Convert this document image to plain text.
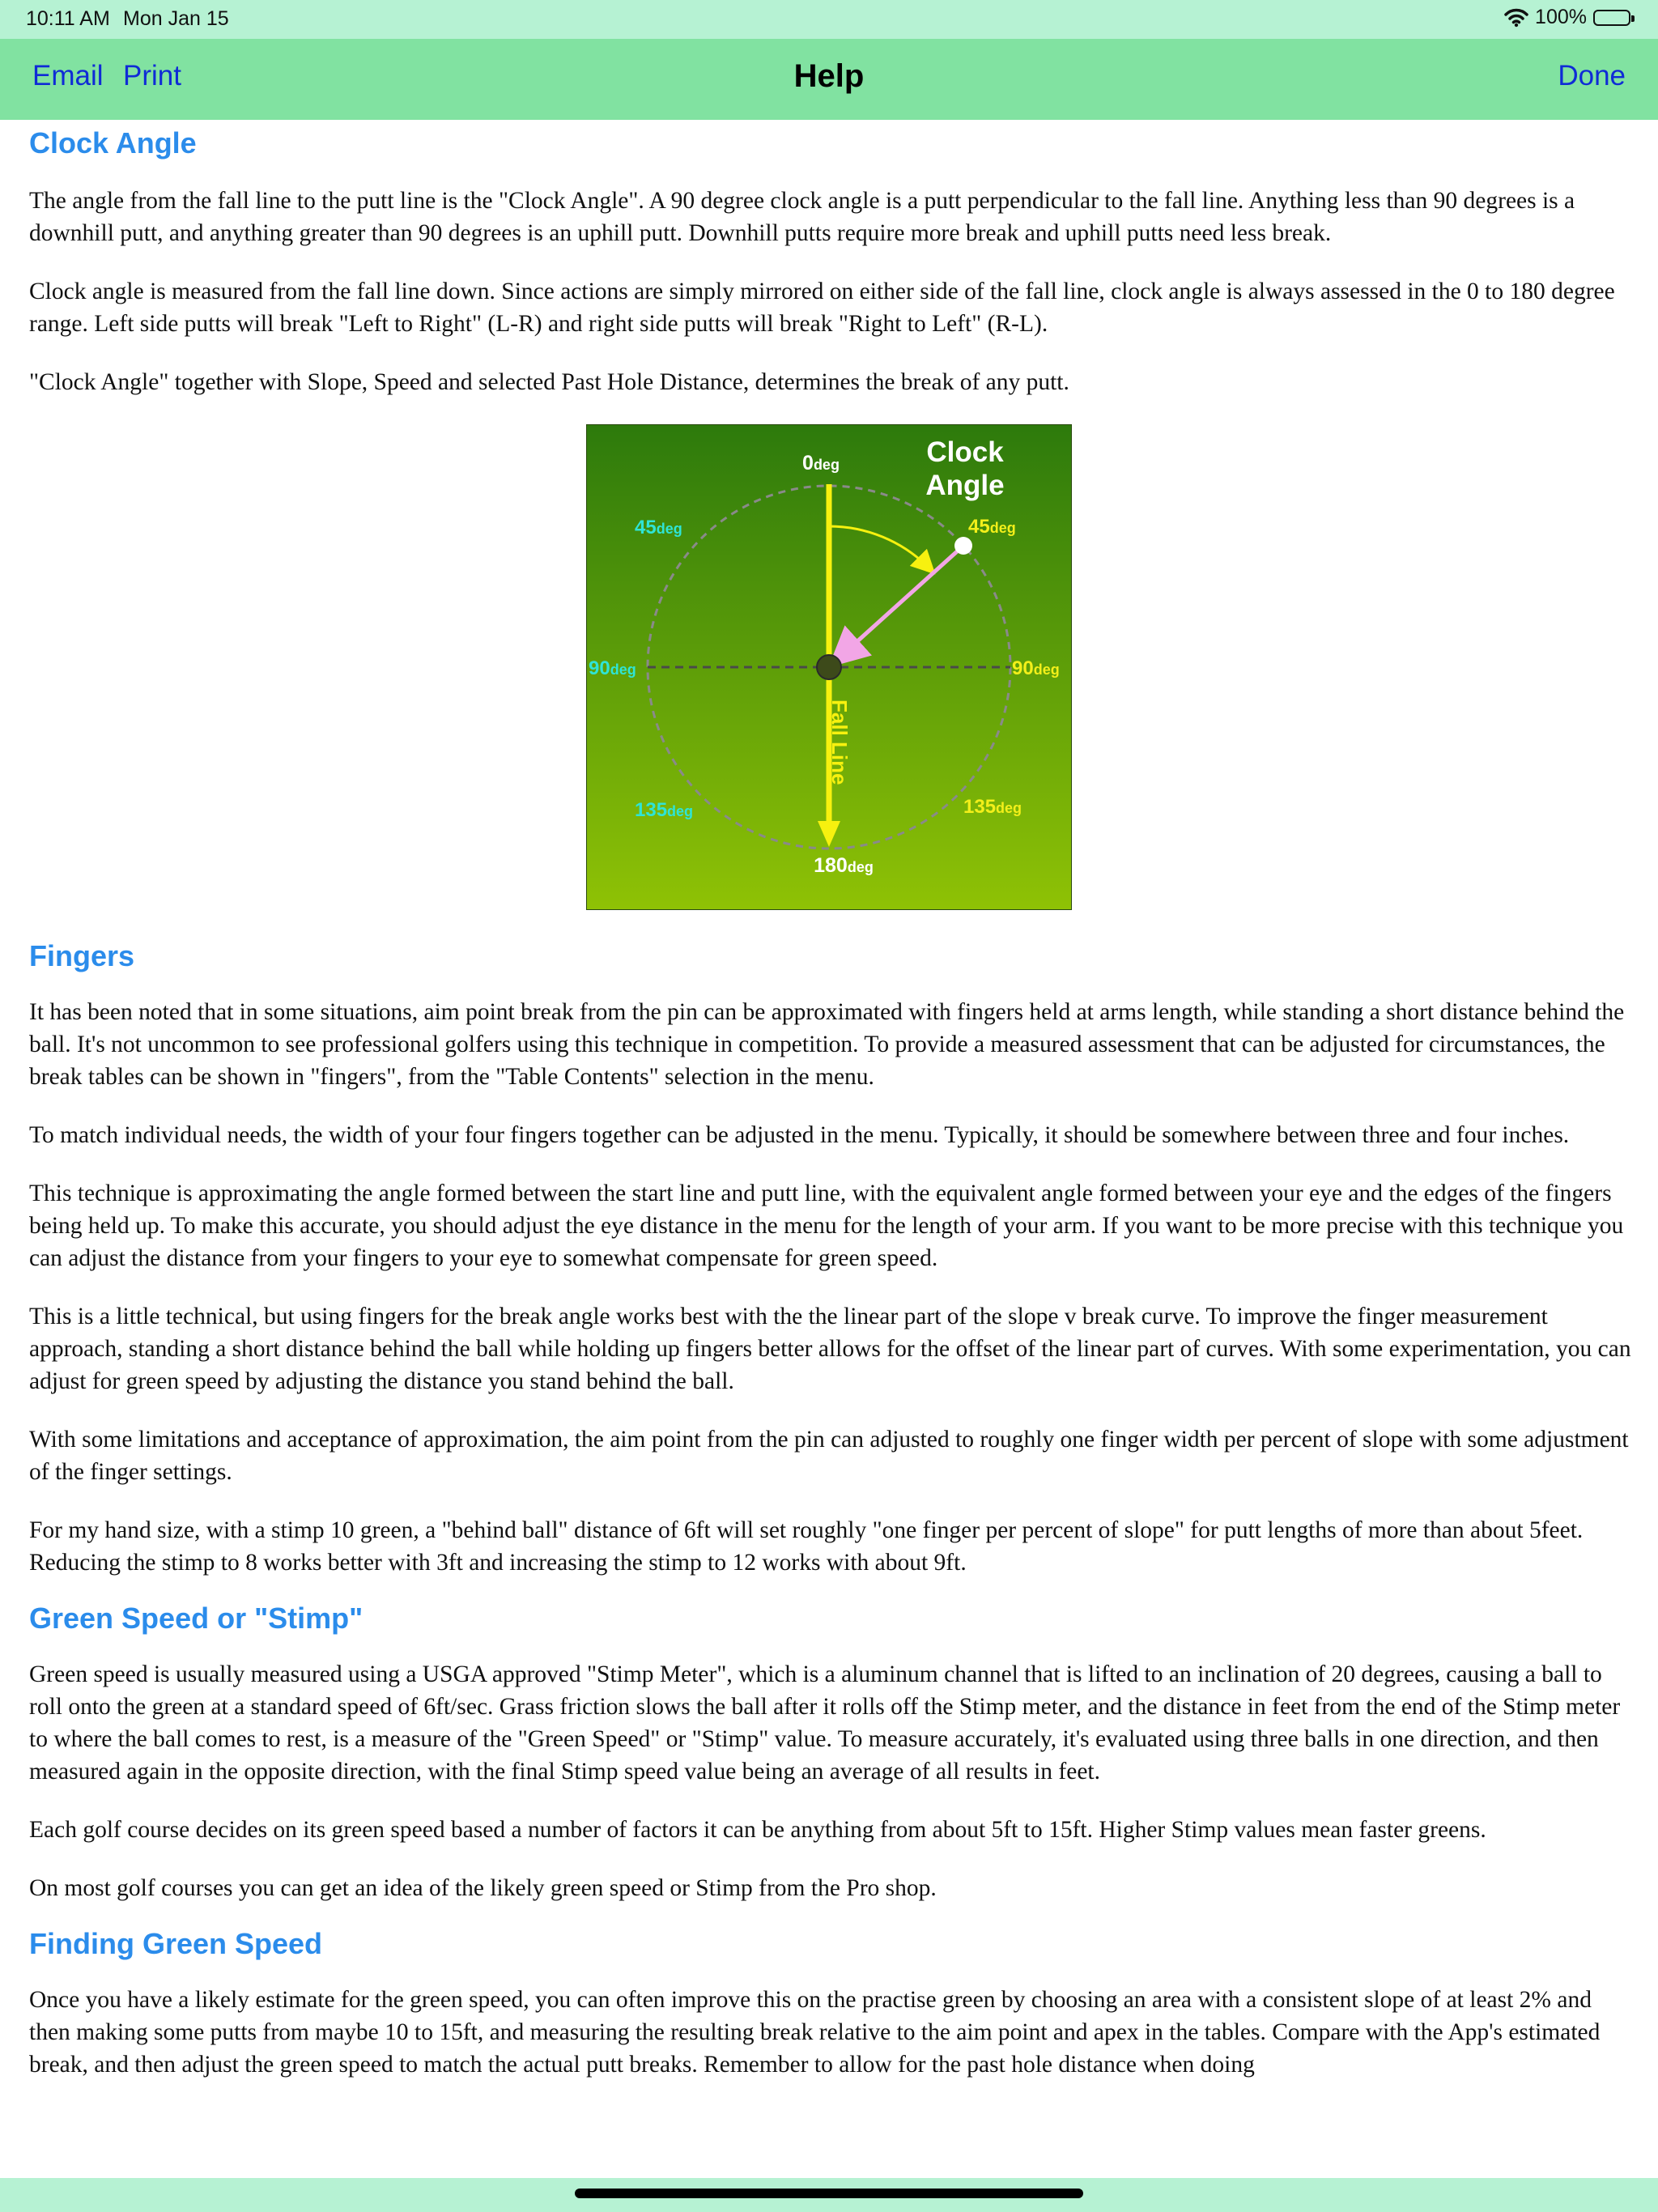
10:11 AM Mon Jan 15	100%
Email Print	Help	Done
Clock Angle

The angle from the fall line to the putt line is the "Clock Angle". A 90 degree clock angle is a putt perpendicular to the fall line. Anything less than 90 degrees is a downhill putt, and anything greater than 90 degrees is an uphill putt. Downhill putts require more break and uphill putts need less break.

Clock angle is measured from the fall line down. Since actions are simply mirrored on either side of the fall line, clock angle is always assessed in the 0 to 180 degree range. Left side putts will break "Left to Right" (L-R) and right side putts will break "Right to Left" (R-L).

"Clock Angle" together with Slope, Speed and selected Past Hole Distance, determines the break of any putt.

0deg
180deg
45deg
90deg
135deg
45deg
90deg
135deg
Clock
Angle
Fall Line
Fingers

It has been noted that in some situations, aim point break from the pin can be approximated with fingers held at arms length, while standing a short distance behind the ball. It's not uncommon to see professional golfers using this technique in competition. To provide a measured assessment that can be adjusted for circumstances, the break tables can be shown in "fingers", from the "Table Contents" selection in the menu.

To match individual needs, the width of your four fingers together can be adjusted in the menu. Typically, it should be somewhere between three and four inches.

This technique is approximating the angle formed between the start line and putt line, with the equivalent angle formed between your eye and the edges of the fingers being held up. To make this accurate, you should adjust the eye distance in the menu for the length of your arm. If you want to be more precise with this technique you can adjust the distance from your fingers to your eye to somewhat compensate for green speed.

This is a little technical, but using fingers for the break angle works best with the the linear part of the slope v break curve. To improve the finger measurement approach, standing a short distance behind the ball while holding up fingers better allows for the offset of the linear part of curves. With some experimentation, you can adjust for green speed by adjusting the distance you stand behind the ball.

With some limitations and acceptance of approximation, the aim point from the pin can adjusted to roughly one finger width per percent of slope with some adjustment of the finger settings.

For my hand size, with a stimp 10 green, a "behind ball" distance of 6ft will set roughly "one finger per percent of slope" for putt lengths of more than about 5feet. Reducing the stimp to 8 works better with 3ft and increasing the stimp to 12 works with about 9ft.

Green Speed or "Stimp"

Green speed is usually measured using a USGA approved "Stimp Meter", which is a aluminum channel that is lifted to an inclination of 20 degrees, causing a ball to roll onto the green at a standard speed of 6ft/sec. Grass friction slows the ball after it rolls off the Stimp meter, and the distance in feet from the end of the Stimp meter to where the ball comes to rest, is a measure of the "Green Speed" or "Stimp" value. To measure accurately, it's evaluated using three balls in one direction, and then measured again in the opposite direction, with the final Stimp speed value being an average of all results in feet.

Each golf course decides on its green speed based a number of factors it can be anything from about 5ft to 15ft. Higher Stimp values mean faster greens.

On most golf courses you can get an idea of the likely green speed or Stimp from the Pro shop.

Finding Green Speed

Once you have a likely estimate for the green speed, you can often improve this on the practise green by choosing an area with a consistent slope of at least 2% and then making some putts from maybe 10 to 15ft, and measuring the resulting break relative to the aim point and apex in the tables. Compare with the App's estimated break, and then adjust the green speed to match the actual putt breaks. Remember to allow for the past hole distance when doing
